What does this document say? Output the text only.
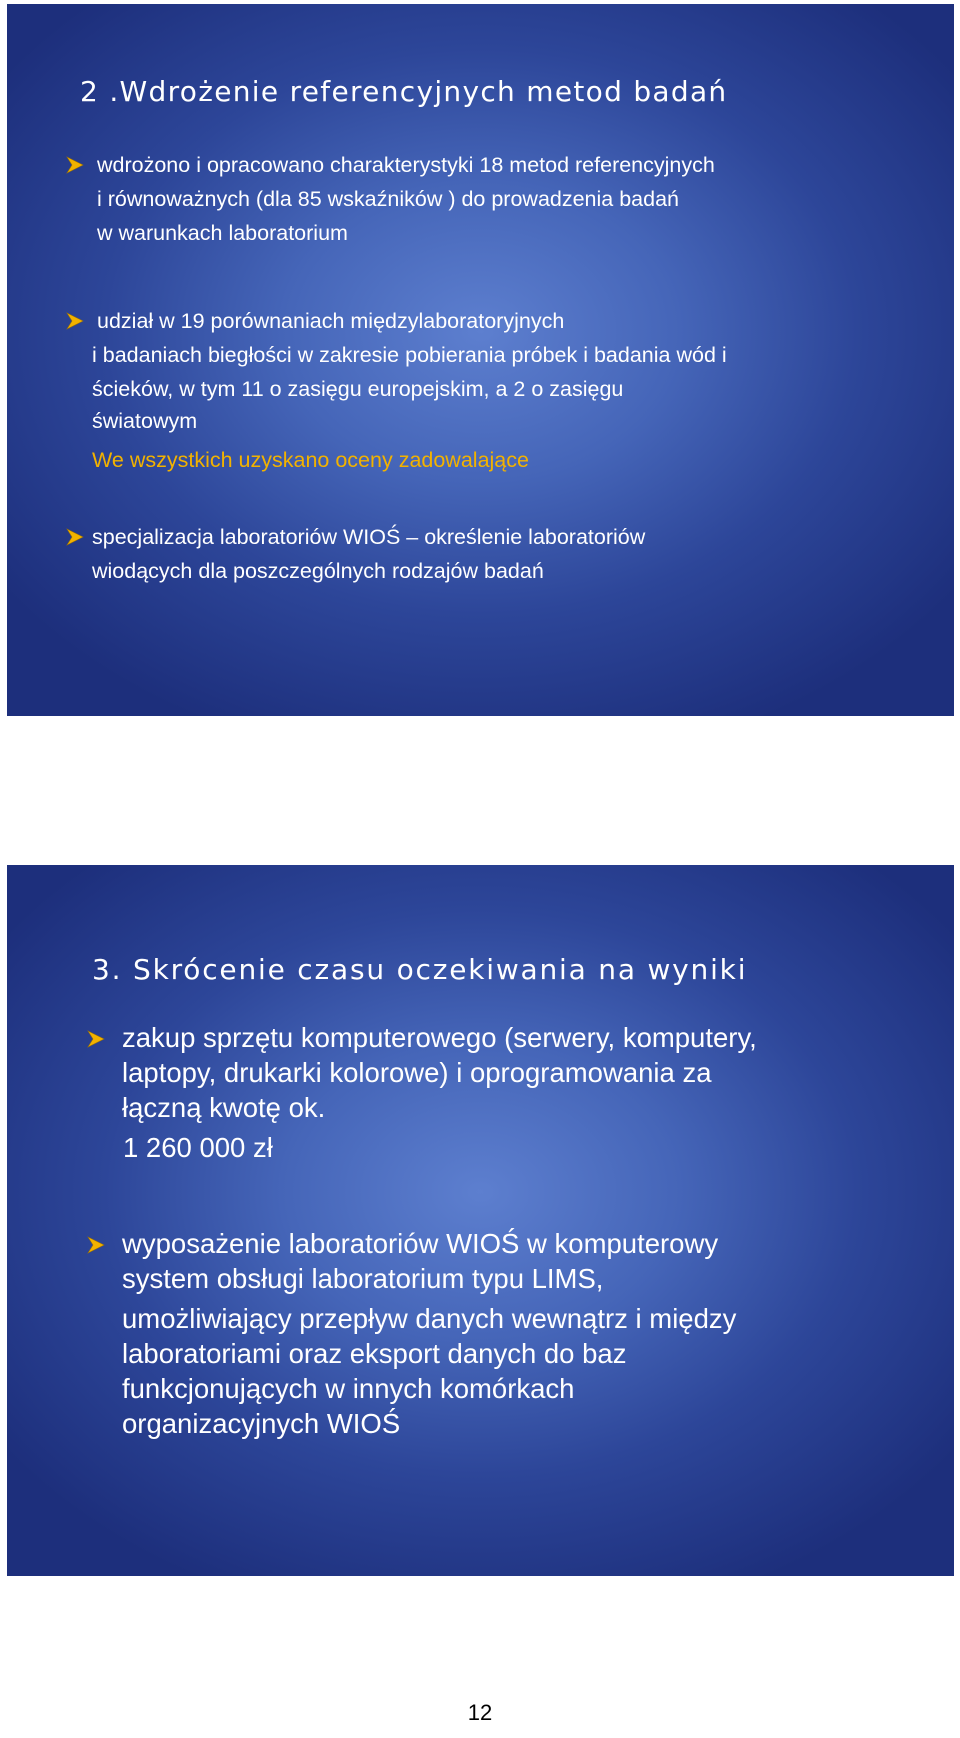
2 .Wdrożenie referencyjnych metod badań
wdrożono i opracowano charakterystyki 18 metod referencyjnych
i równoważnych (dla 85 wskaźników ) do prowadzenia badań
w warunkach laboratorium
udział w 19 porównaniach międzylaboratoryjnych
i badaniach biegłości w zakresie pobierania próbek i badania wód i
ścieków, w tym 11 o zasięgu europejskim, a 2 o zasięgu
światowym
We wszystkich uzyskano oceny zadowalające
specjalizacja laboratoriów WIOŚ – określenie laboratoriów
wiodących dla poszczególnych rodzajów badań
3. Skrócenie czasu oczekiwania na wyniki
zakup sprzętu komputerowego (serwery, komputery,
laptopy, drukarki kolorowe) i oprogramowania za
łączną kwotę ok.
1 260 000 zł
wyposażenie laboratoriów WIOŚ w komputerowy
system obsługi laboratorium typu LIMS,
umożliwiający przepływ danych wewnątrz i między
laboratoriami oraz eksport danych do baz
funkcjonujących w innych komórkach
organizacyjnych WIOŚ
12
